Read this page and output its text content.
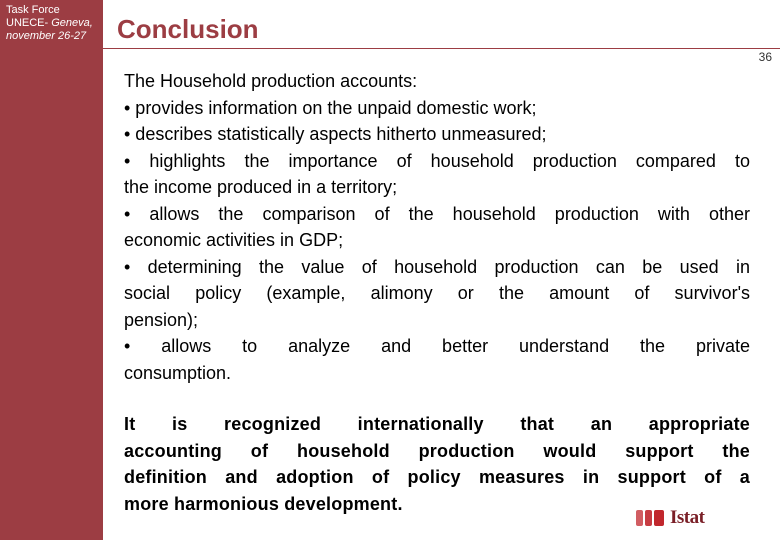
Task Force
UNECE- Geneva,
november 26-27 Conclusion
36
The Household production accounts:
• provides information on the unpaid domestic work;
• describes statistically aspects hitherto unmeasured;
• highlights the importance of household production compared to
the income produced in a territory;
• allows the comparison of the household production with other
economic activities in GDP;
• determining the value of household production can be used in
social policy (example, alimony or the amount of survivor's
pension);
• allows to analyze and better understand the private
consumption.
It is recognized internationally that an appropriate
accounting of household production would support the
definition and adoption of policy measures in support of a
more harmonious development.
Istat
